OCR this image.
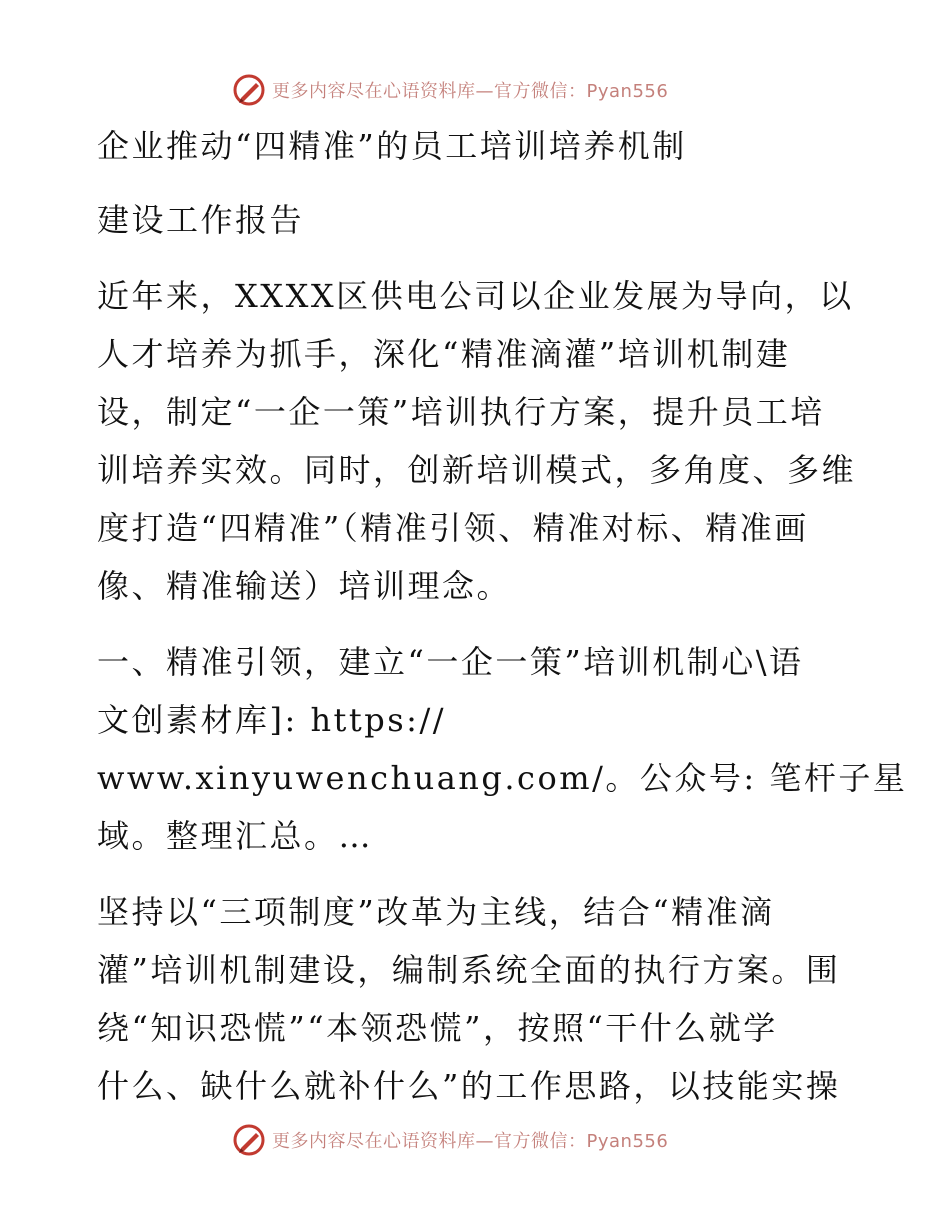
更多内容尽在心语资料库—官方微信：Pyan556
企业推动“四精准”的员工培训培养机制
建设工作报告
近年来，XXXX区供电公司以企业发展为导向，以
人才培养为抓手，深化“精准滴灌”培训机制建
设，制定“一企一策”培训执行方案，提升员工培
训培养实效。同时，创新培训模式，多角度、多维
度打造“四精准”（精准引领、精准对标、精准画
像、精准输送）培训理念。
一、精准引领，建立“一企一策”培训机制心\语
文创素材库]: https://
www.xinyuwenchuang.com/。公众号: 笔杆子星
域。整理汇总。…
坚持以“三项制度”改革为主线，结合“精准滴
灌”培训机制建设，编制系统全面的执行方案。围
绕“知识恐慌”“本领恐慌”，按照“干什么就学
什么、缺什么就补什么”的工作思路，以技能实操
更多内容尽在心语资料库—官方微信：Pyan556
